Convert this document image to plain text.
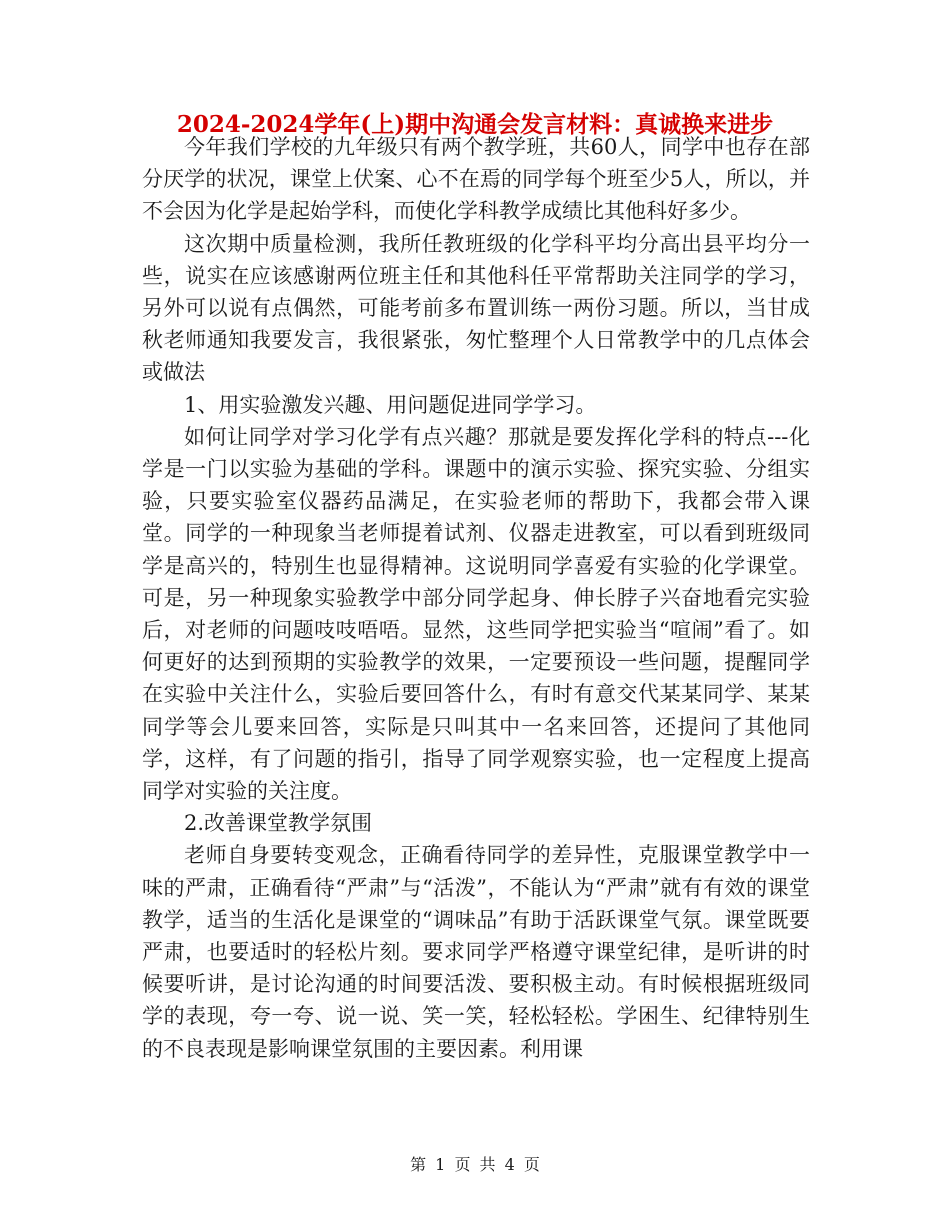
2024-2024学年(上)期中沟通会发言材料：真诚换来进步

今年我们学校的九年级只有两个教学班，共60人，同学中也存在部分厌学的状况，课堂上伏案、心不在焉的同学每个班至少5人，所以，并不会因为化学是起始学科，而使化学科教学成绩比其他科好多少。

这次期中质量检测，我所任教班级的化学科平均分高出县平均分一些，说实在应该感谢两位班主任和其他科任平常帮助关注同学的学习，另外可以说有点偶然，可能考前多布置训练一两份习题。所以，当甘成秋老师通知我要发言，我很紧张，匆忙整理个人日常教学中的几点体会或做法

1、用实验激发兴趣、用问题促进同学学习。

如何让同学对学习化学有点兴趣？那就是要发挥化学科的特点---化学是一门以实验为基础的学科。课题中的演示实验、探究实验、分组实验，只要实验室仪器药品满足，在实验老师的帮助下，我都会带入课堂。同学的一种现象当老师提着试剂、仪器走进教室，可以看到班级同学是高兴的，特别生也显得精神。这说明同学喜爱有实验的化学课堂。可是，另一种现象实验教学中部分同学起身、伸长脖子兴奋地看完实验后，对老师的问题吱吱唔唔。显然，这些同学把实验当“喧闹”看了。如何更好的达到预期的实验教学的效果，一定要预设一些问题，提醒同学在实验中关注什么，实验后要回答什么，有时有意交代某某同学、某某同学等会儿要来回答，实际是只叫其中一名来回答，还提问了其他同学，这样，有了问题的指引，指导了同学观察实验，也一定程度上提高同学对实验的关注度。

2.改善课堂教学氛围

老师自身要转变观念，正确看待同学的差异性，克服课堂教学中一味的严肃，正确看待“严肃”与“活泼”，不能认为“严肃”就有有效的课堂教学，适当的生活化是课堂的“调味品”有助于活跃课堂气氛。课堂既要严肃，也要适时的轻松片刻。要求同学严格遵守课堂纪律，是听讲的时候要听讲，是讨论沟通的时间要活泼、要积极主动。有时候根据班级同学的表现，夸一夸、说一说、笑一笑，轻松轻松。学困生、纪律特别生的不良表现是影响课堂氛围的主要因素。利用课

第 1 页 共 4 页
